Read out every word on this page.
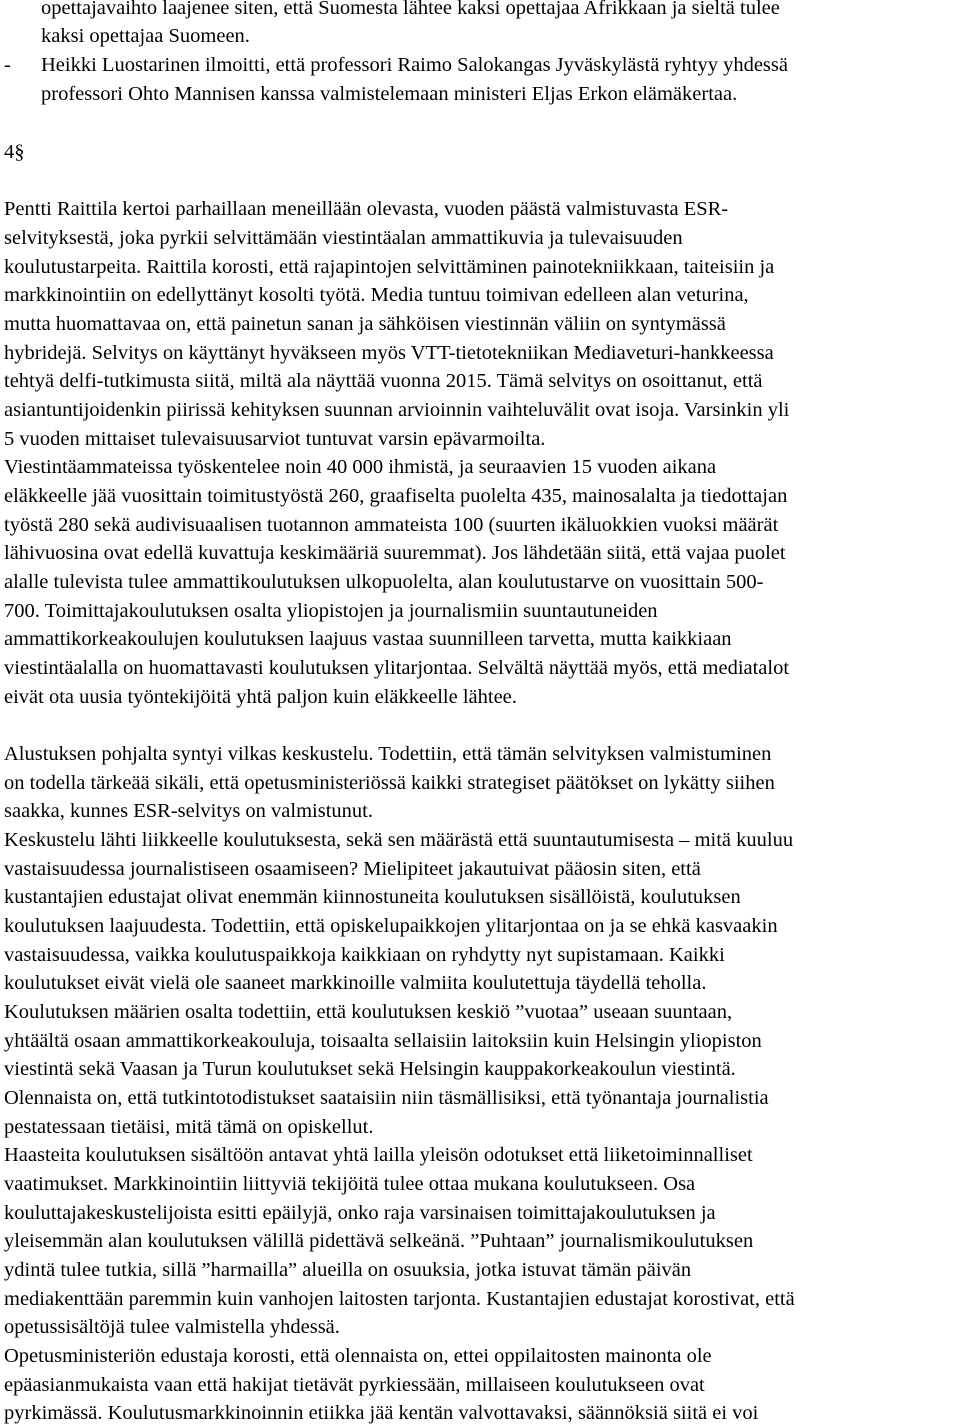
opettajavaihto laajenee siten, että Suomesta lähtee kaksi opettajaa Afrikkaan ja sieltä tulee
kaksi opettajaa Suomeen.
- Heikki Luostarinen ilmoitti, että professori Raimo Salokangas Jyväskylästä ryhtyy yhdessä
professori Ohto Mannisen kanssa valmistelemaan ministeri Eljas Erkon elämäkertaa.
4§
Pentti Raittila kertoi parhaillaan meneillään olevasta, vuoden päästä valmistuvasta ESR-
selvityksestä, joka pyrkii selvittämään viestintäalan ammattikuvia ja tulevaisuuden
koulutustarpeita. Raittila korosti, että rajapintojen selvittäminen painotekniikkaan, taiteisiin ja
markkinointiin on edellyttänyt kosolti työtä. Media tuntuu toimivan edelleen alan veturina,
mutta huomattavaa on, että painetun sanan ja sähköisen viestinnän väliin on syntymässä
hybridejä. Selvitys on käyttänyt hyväkseen myös VTT-tietotekniikan Mediaveturi-hankkeessa
tehtyä delfi-tutkimusta siitä, miltä ala näyttää vuonna 2015. Tämä selvitys on osoittanut, että
asiantuntijoidenkin piirissä kehityksen suunnan arvioinnin vaihteluvälit ovat isoja. Varsinkin yli
5 vuoden mittaiset tulevaisuusarviot tuntuvat varsin epävarmoilta.
Viestintäammateissa työskentelee noin 40 000 ihmistä, ja seuraavien 15 vuoden aikana
eläkkeelle jää vuosittain toimitustyöstä 260, graafiselta puolelta 435, mainosalalta ja tiedottajan
työstä 280 sekä audivisuaalisen tuotannon ammateista 100 (suurten ikäluokkien vuoksi määrät
lähivuosina ovat edellä kuvattuja keskimääriä suuremmat). Jos lähdetään siitä, että vajaa puolet
alalle tulevista tulee ammattikoulutuksen ulkopuolelta, alan koulutustarve on vuosittain 500-
700. Toimittajakoulutuksen osalta yliopistojen ja journalismiin suuntautuneiden
ammattikorkeakoulujen koulutuksen laajuus vastaa suunnilleen tarvetta, mutta kaikkiaan
viestintäalalla on huomattavasti koulutuksen ylitarjontaa. Selvältä näyttää myös, että mediatalot
eivät ota uusia työntekijöitä yhtä paljon kuin eläkkeelle lähtee.
Alustuksen pohjalta syntyi vilkas keskustelu. Todettiin, että tämän selvityksen valmistuminen
on todella tärkeää sikäli, että opetusministeriössä kaikki strategiset päätökset on lykätty siihen
saakka, kunnes ESR-selvitys on valmistunut.
Keskustelu lähti liikkeelle koulutuksesta, sekä sen määrästä että suuntautumisesta – mitä kuuluu
vastaisuudessa journalistiseen osaamiseen? Mielipiteet jakautuivat pääosin siten, että
kustantajien edustajat olivat enemmän kiinnostuneita koulutuksen sisällöistä, koulutuksen
koulutuksen laajuudesta. Todettiin, että opiskelupaikkojen ylitarjontaa on ja se ehkä kasvaakin
vastaisuudessa, vaikka koulutuspaikkoja kaikkiaan on ryhdytty nyt supistamaan. Kaikki
koulutukset eivät vielä ole saaneet markkinoille valmiita koulutettuja täydellä teholla.
Koulutuksen määrien osalta todettiin, että koulutuksen keskiö ”vuotaa” useaan suuntaan,
yhtäältä osaan ammattikorkeakouluja, toisaalta sellaisiin laitoksiin kuin Helsingin yliopiston
viestintä sekä Vaasan ja Turun koulutukset sekä Helsingin kauppakorkeakoulun viestintä.
Olennaista on, että tutkintotodistukset saataisiin niin täsmällisiksi, että työnantaja journalistia
pestatessaan tietäisi, mitä tämä on opiskellut.
Haasteita koulutuksen sisältöön antavat yhtä lailla yleisön odotukset että liiketoiminnalliset
vaatimukset. Markkinointiin liittyviä tekijöitä tulee ottaa mukana koulutukseen. Osa
kouluttajakeskustelijoista esitti epäilyjä, onko raja varsinaisen toimittajakoulutuksen ja
yleisemmän alan koulutuksen välillä pidettävä selkeänä. ”Puhtaan” journalismikoulutuksen
ydintä tulee tutkia, sillä ”harmailla” alueilla on osuuksia, jotka istuvat tämän päivän
mediakenttään paremmin kuin vanhojen laitosten tarjonta. Kustantajien edustajat korostivat, että
opetussisältöjä tulee valmistella yhdessä.
Opetusministeriön edustaja korosti, että olennaista on, ettei oppilaitosten mainonta ole
epäasianmukaista vaan että hakijat tietävät pyrkiessään, millaiseen koulutukseen ovat
pyrkimässä. Koulutusmarkkinoinnin etiikka jää kentän valvottavaksi, säännöksiä siitä ei voi
